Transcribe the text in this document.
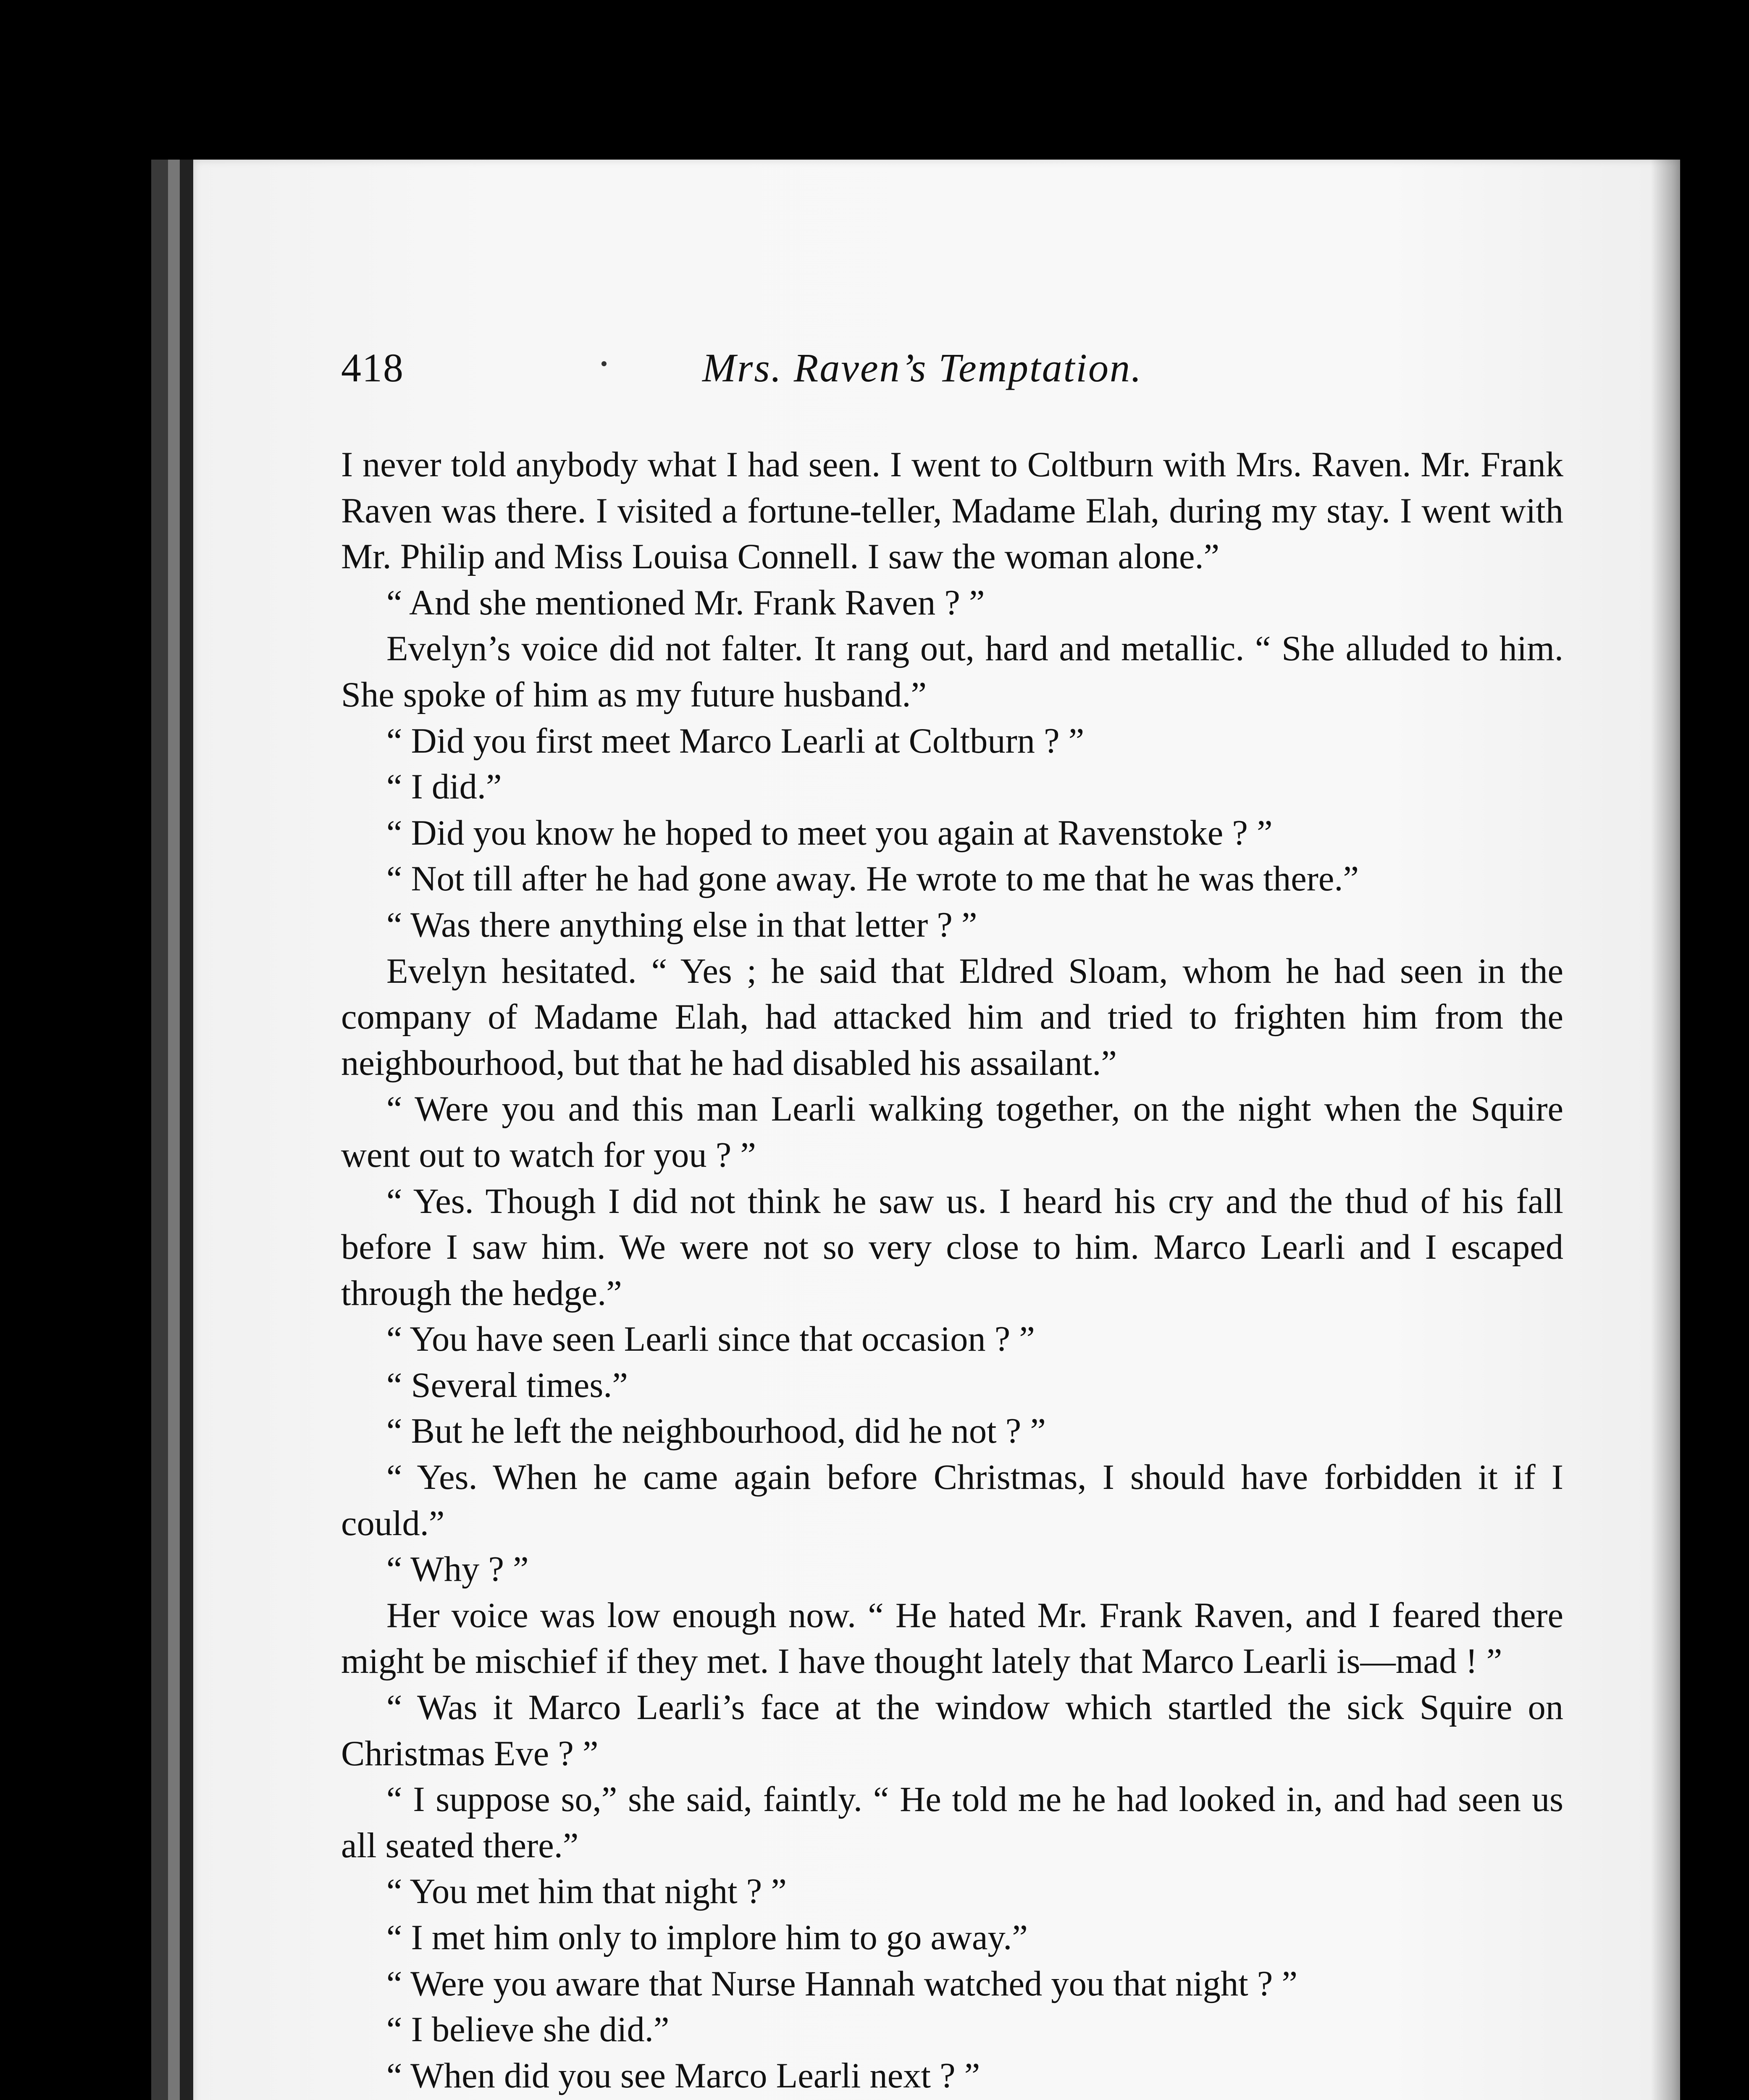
418	Mrs. Raven’s Temptation.

I never told anybody what I had seen. I went to Coltburn with Mrs. Raven. Mr. Frank Raven was there. I visited a fortune-teller, Madame Elah, during my stay. I went with Mr. Philip and Miss Louisa Connell. I saw the woman alone.”

“ And she mentioned Mr. Frank Raven ? ”

Evelyn’s voice did not falter. It rang out, hard and metallic. “ She alluded to him. She spoke of him as my future husband.”

“ Did you first meet Marco Learli at Coltburn ? ”

“ I did.”

“ Did you know he hoped to meet you again at Ravenstoke ? ”

“ Not till after he had gone away. He wrote to me that he was there.”

“ Was there anything else in that letter ? ”

Evelyn hesitated. “ Yes ; he said that Eldred Sloam, whom he had seen in the company of Madame Elah, had attacked him and tried to frighten him from the neighbourhood, but that he had disabled his assailant.”

“ Were you and this man Learli walking together, on the night when the Squire went out to watch for you ? ”

“ Yes. Though I did not think he saw us. I heard his cry and the thud of his fall before I saw him. We were not so very close to him. Marco Learli and I escaped through the hedge.”

“ You have seen Learli since that occasion ? ”

“ Several times.”

“ But he left the neighbourhood, did he not ? ”

“ Yes. When he came again before Christmas, I should have forbidden it if I could.”

“ Why ? ”

Her voice was low enough now. “ He hated Mr. Frank Raven, and I feared there might be mischief if they met. I have thought lately that Marco Learli is—mad ! ”

“ Was it Marco Learli’s face at the window which startled the sick Squire on Christmas Eve ? ”

“ I suppose so,” she said, faintly. “ He told me he had looked in, and had seen us all seated there.”

“ You met him that night ? ”

“ I met him only to implore him to go away.”

“ Were you aware that Nurse Hannah watched you that night ? ”

“ I believe she did.”

“ When did you see Marco Learli next ? ”
